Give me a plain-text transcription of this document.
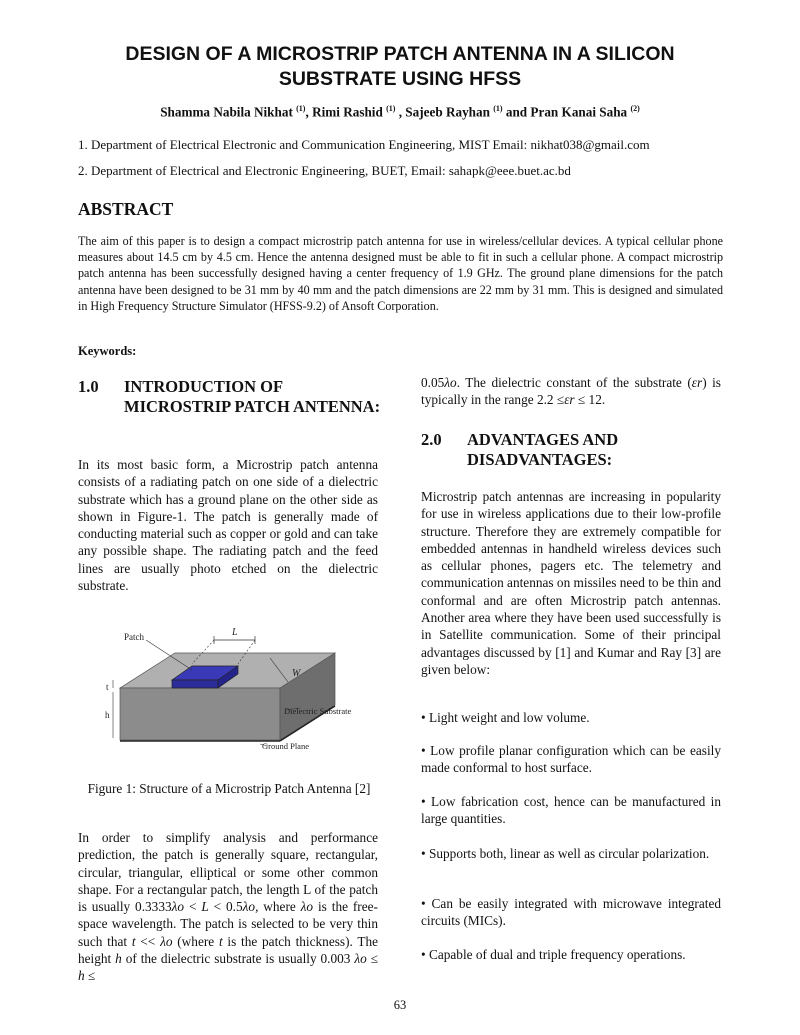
DESIGN OF A MICROSTRIP PATCH ANTENNA IN A SILICON SUBSTRATE USING HFSS
Shamma Nabila Nikhat $^{(1)}$, Rimi Rashid $^{(1)}$ , Sajeeb Rayhan $^{(1)}$ and Pran Kanai Saha $^{(2)}$
1. Department of Electrical Electronic and Communication Engineering, MIST Email: nikhat038@gmail.com
2. Department of Electrical and Electronic Engineering, BUET, Email: sahapk@eee.buet.ac.bd
ABSTRACT

The aim of this paper is to design a compact microstrip patch antenna for use in wireless/cellular devices. A typical cellular phone measures about 14.5 cm by 4.5 cm. Hence the antenna designed must be able to fit in such a cellular phone. A compact microstrip patch antenna has been successfully designed having a center frequency of 1.9 GHz. The ground plane dimensions for the patch antenna have been designed to be 31 mm by 40 mm and the patch dimensions are 22 mm by 31 mm. This is designed and simulated in High Frequency Structure Simulator (HFSS-9.2) of Ansoft Corporation.

Keywords:
1.0 INTRODUCTION OF MICROSTRIP PATCH ANTENNA:

In its most basic form, a Microstrip patch antenna consists of a radiating patch on one side of a dielectric substrate which has a ground plane on the other side as shown in Figure-1. The patch is generally made of conducting material such as copper or gold and can take any possible shape. The radiating patch and the feed lines are usually photo etched on the dielectric substrate.

L
W
Patch
t
h	Dielectric Substrate
Ground Plane
Figure 1: Structure of a Microstrip Patch Antenna [2]

In order to simplify analysis and performance prediction, the patch is generally square, rectangular, circular, triangular, elliptical or some other common shape. For a rectangular patch, the length L of the patch is usually 0.3333λo < L < 0.5λo, where λo is the free-space wavelength. The patch is selected to be very thin such that t << λo (where t is the patch thickness). The height h of the dielectric substrate is usually 0.003 λo ≤ h ≤

0.05λo. The dielectric constant of the substrate (εr) is typically in the range 2.2 ≤εr ≤ 12.

2.0 ADVANTAGES AND DISADVANTAGES:

Microstrip patch antennas are increasing in popularity for use in wireless applications due to their low-profile structure. Therefore they are extremely compatible for embedded antennas in handheld wireless devices such as cellular phones, pagers etc. The telemetry and communication antennas on missiles need to be thin and conformal and are often Microstrip patch antennas. Another area where they have been used successfully is in Satellite communication. Some of their principal advantages discussed by [1] and Kumar and Ray [3] are given below:

• Light weight and low volume.

• Low profile planar configuration which can be easily made conformal to host surface.

• Low fabrication cost, hence can be manufactured in large quantities.

• Supports both, linear as well as circular polarization.

• Can be easily integrated with microwave integrated circuits (MICs).

• Capable of dual and triple frequency operations.

63
